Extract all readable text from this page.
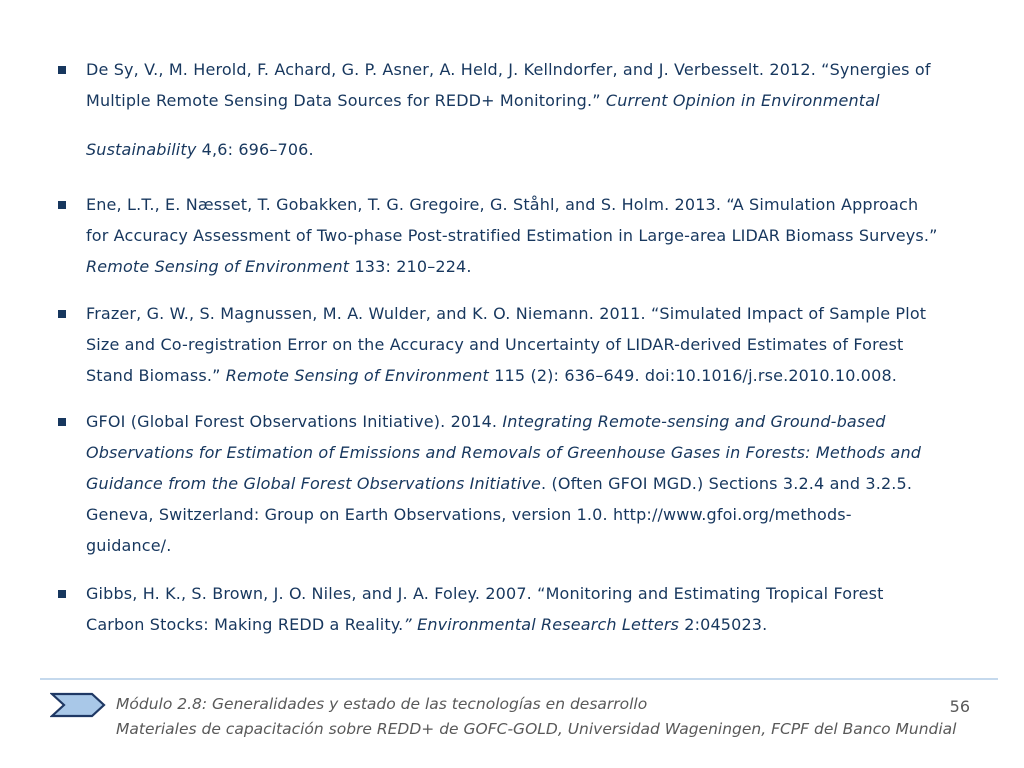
De Sy, V., M. Herold, F. Achard, G. P. Asner, A. Held, J. Kellndorfer, and J. Verbesselt. 2012. “Synergies of
Multiple Remote Sensing Data Sources for REDD+ Monitoring.” Current Opinion in Environmental
Sustainability 4,6: 696–706.
Ene, L.T., E. Næsset, T. Gobakken, T. G. Gregoire, G. Ståhl, and S. Holm. 2013. “A Simulation Approach
for Accuracy Assessment of Two-phase Post-stratified Estimation in Large-area LIDAR Biomass Surveys.”
Remote Sensing of Environment 133: 210–224.
Frazer, G. W., S. Magnussen, M. A. Wulder, and K. O. Niemann. 2011. “Simulated Impact of Sample Plot
Size and Co-registration Error on the Accuracy and Uncertainty of LIDAR-derived Estimates of Forest
Stand Biomass.” Remote Sensing of Environment 115 (2): 636–649. doi:10.1016/j.rse.2010.10.008.
GFOI (Global Forest Observations Initiative). 2014. Integrating Remote-sensing and Ground-based
Observations for Estimation of Emissions and Removals of Greenhouse Gases in Forests: Methods and
Guidance from the Global Forest Observations Initiative. (Often GFOI MGD.) Sections 3.2.4 and 3.2.5.
Geneva, Switzerland: Group on Earth Observations, version 1.0. http://www.gfoi.org/methods-
guidance/.
Gibbs, H. K., S. Brown, J. O. Niles, and J. A. Foley. 2007. “Monitoring and Estimating Tropical Forest
Carbon Stocks: Making REDD a Reality.” Environmental Research Letters 2:045023.
Módulo 2.8: Generalidades y estado de las tecnologías en desarrollo
Materiales de capacitación sobre REDD+ de GOFC-GOLD, Universidad Wageningen, FCPF del Banco Mundial
56
